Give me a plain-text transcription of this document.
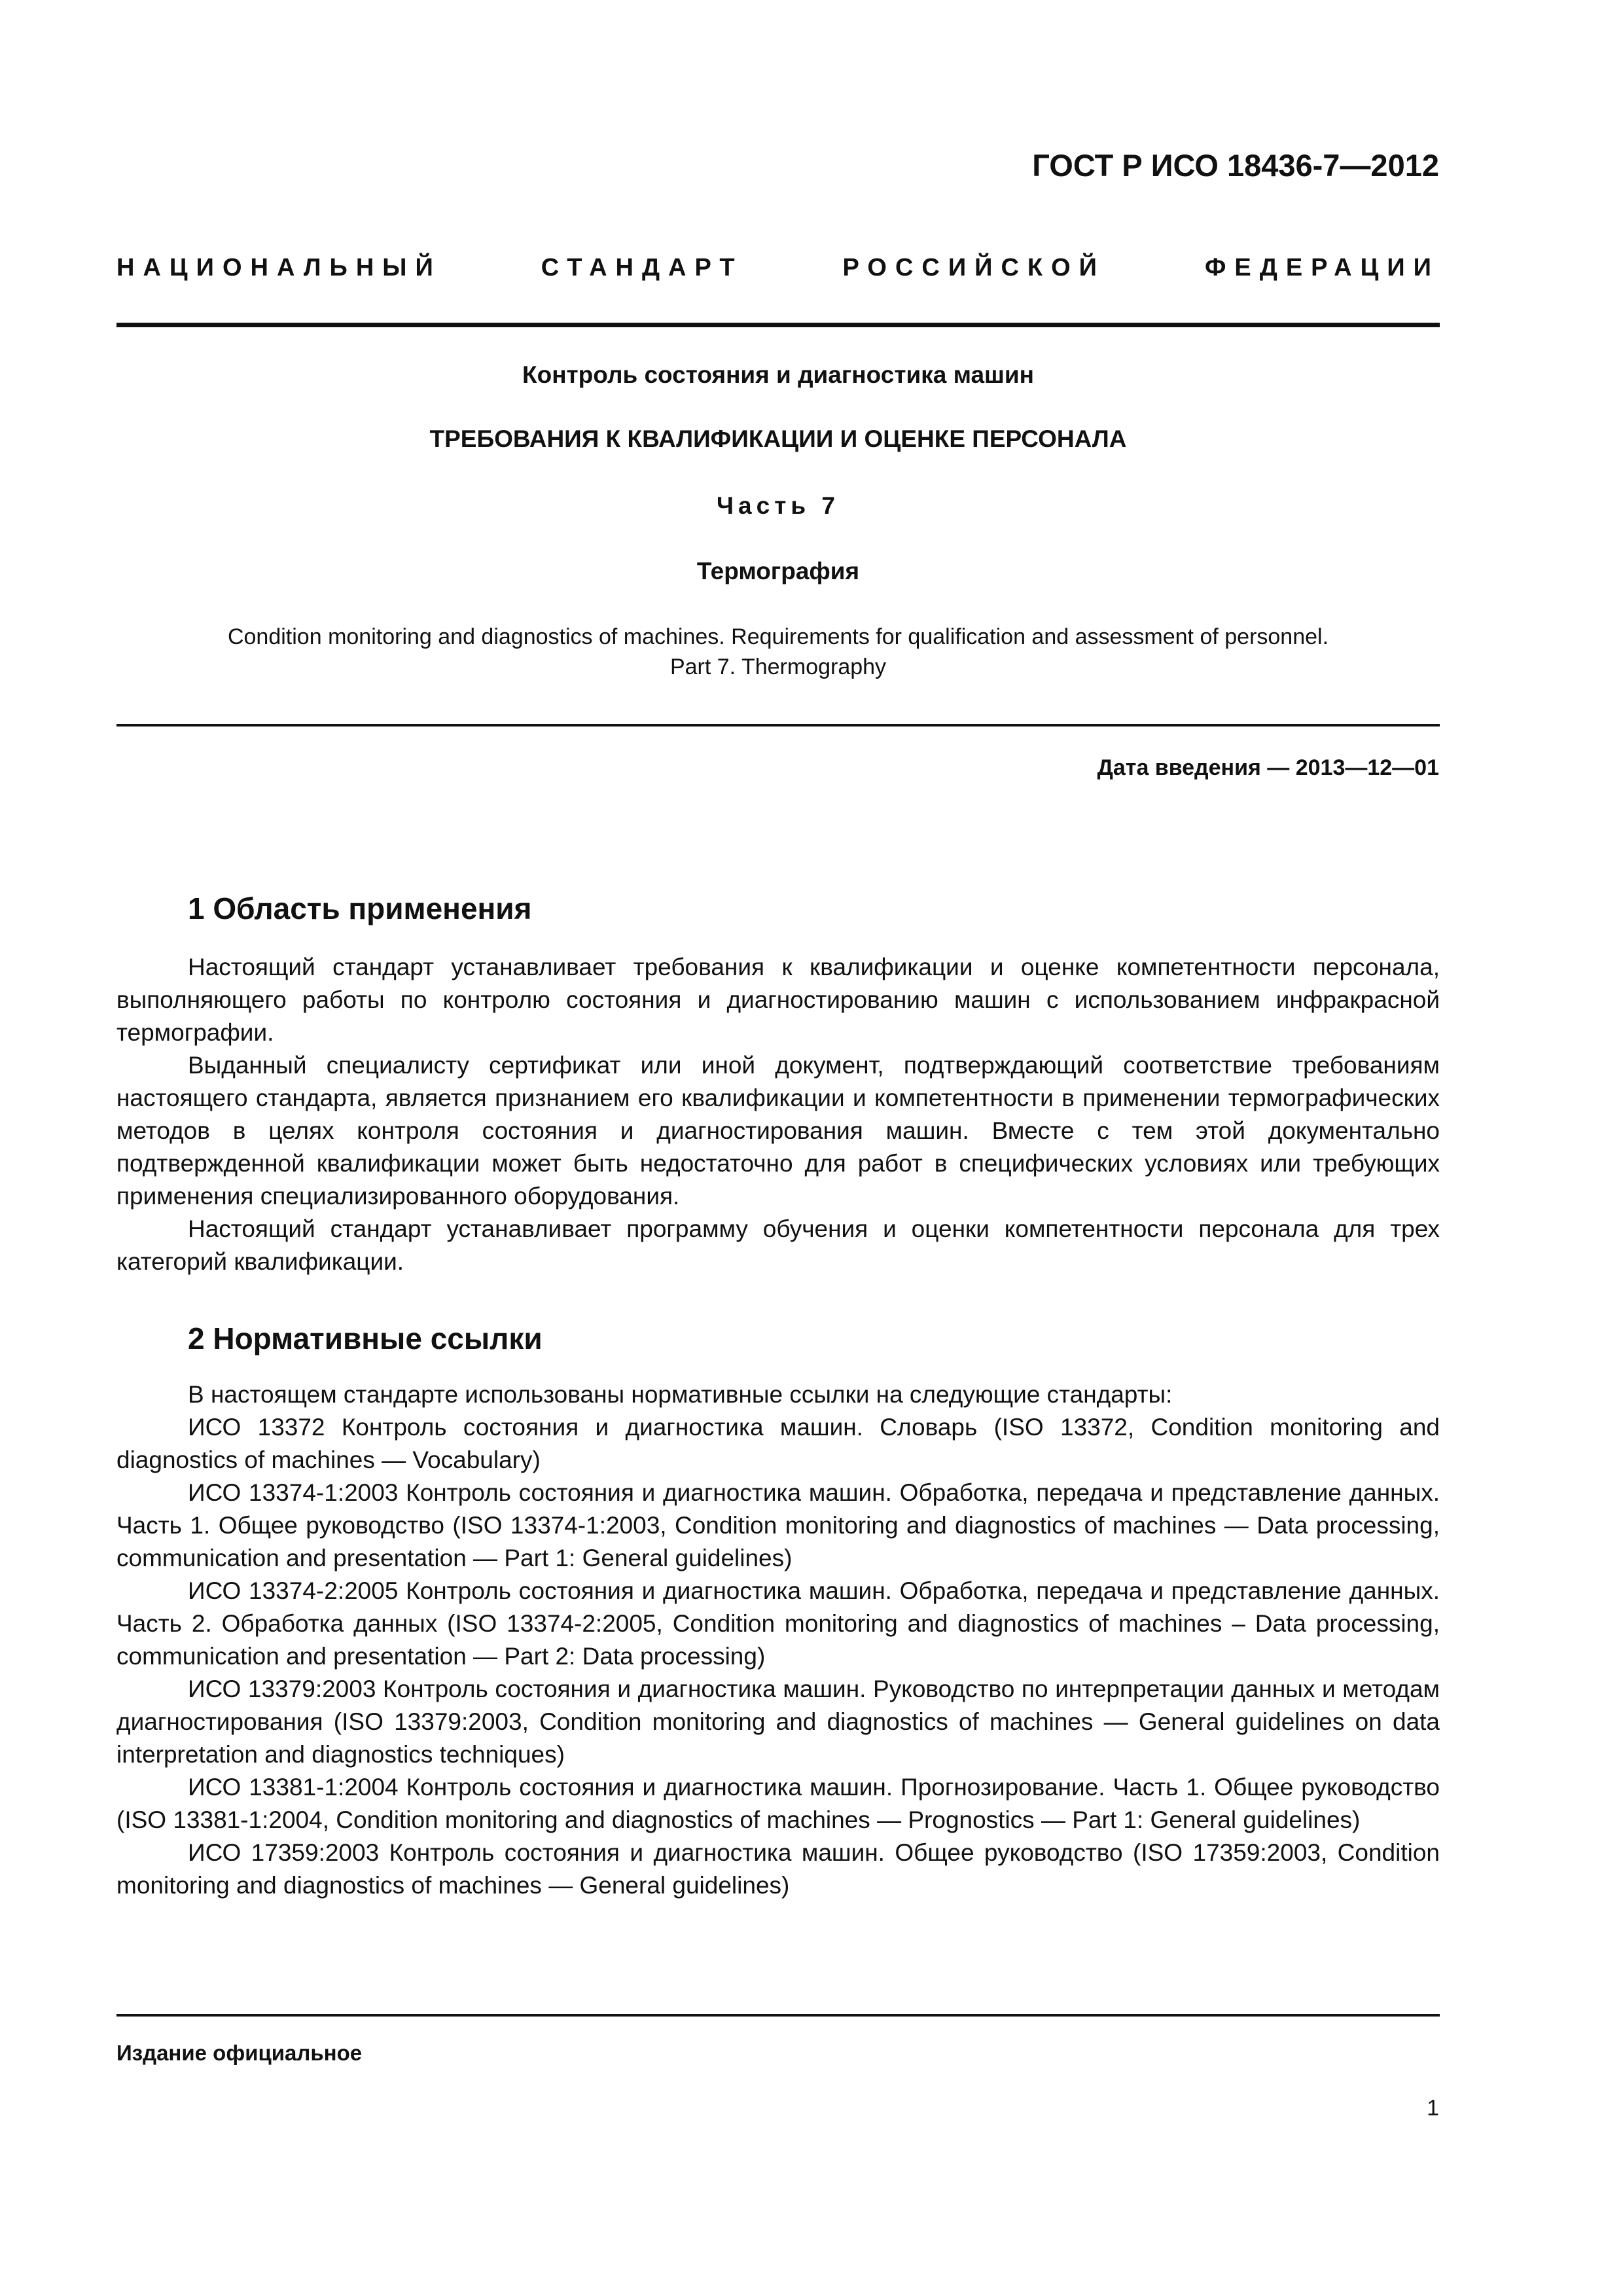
ГОСТ Р ИСО 18436-7—2012
НАЦИОНАЛЬНЫЙ СТАНДАРТ РОССИЙСКОЙ ФЕДЕРАЦИИ
Контроль состояния и диагностика машин
ТРЕБОВАНИЯ К КВАЛИФИКАЦИИ И ОЦЕНКЕ ПЕРСОНАЛА
Часть 7
Термография
Condition monitoring and diagnostics of machines. Requirements for qualification and assessment of personnel.
Part 7. Thermography
Дата введения — 2013—12—01
1 Область применения

Настоящий стандарт устанавливает требования к квалификации и оценке компетентности персонала, выполняющего работы по контролю состояния и диагностированию машин с использованием инфракрасной термографии.

Выданный специалисту сертификат или иной документ, подтверждающий соответствие требованиям настоящего стандарта, является признанием его квалификации и компетентности в применении термографических методов в целях контроля состояния и диагностирования машин. Вместе с тем этой документально подтвержденной квалификации может быть недостаточно для работ в специфических условиях или требующих применения специализированного оборудования.

Настоящий стандарт устанавливает программу обучения и оценки компетентности персонала для трех категорий квалификации.

2 Нормативные ссылки

В настоящем стандарте использованы нормативные ссылки на следующие стандарты:

ИСО 13372 Контроль состояния и диагностика машин. Словарь (ISO 13372, Condition monitoring and diagnostics of machines — Vocabulary)

ИСО 13374-1:2003 Контроль состояния и диагностика машин. Обработка, передача и представление данных. Часть 1. Общее руководство (ISO 13374-1:2003, Condition monitoring and diagnostics of machines — Data processing, communication and presentation — Part 1: General guidelines)

ИСО 13374-2:2005 Контроль состояния и диагностика машин. Обработка, передача и представление данных. Часть 2. Обработка данных (ISO 13374-2:2005, Condition monitoring and diagnostics of machines – Data processing, communication and presentation — Part 2: Data processing)

ИСО 13379:2003 Контроль состояния и диагностика машин. Руководство по интерпретации данных и методам диагностирования (ISO 13379:2003, Condition monitoring and diagnostics of machines — General guidelines on data interpretation and diagnostics techniques)

ИСО 13381-1:2004 Контроль состояния и диагностика машин. Прогнозирование. Часть 1. Общее руководство (ISO 13381-1:2004, Condition monitoring and diagnostics of machines — Prognostics — Part 1: General guidelines)

ИСО 17359:2003 Контроль состояния и диагностика машин. Общее руководство (ISO 17359:2003, Condition monitoring and diagnostics of machines — General guidelines)

Издание официальное
1
